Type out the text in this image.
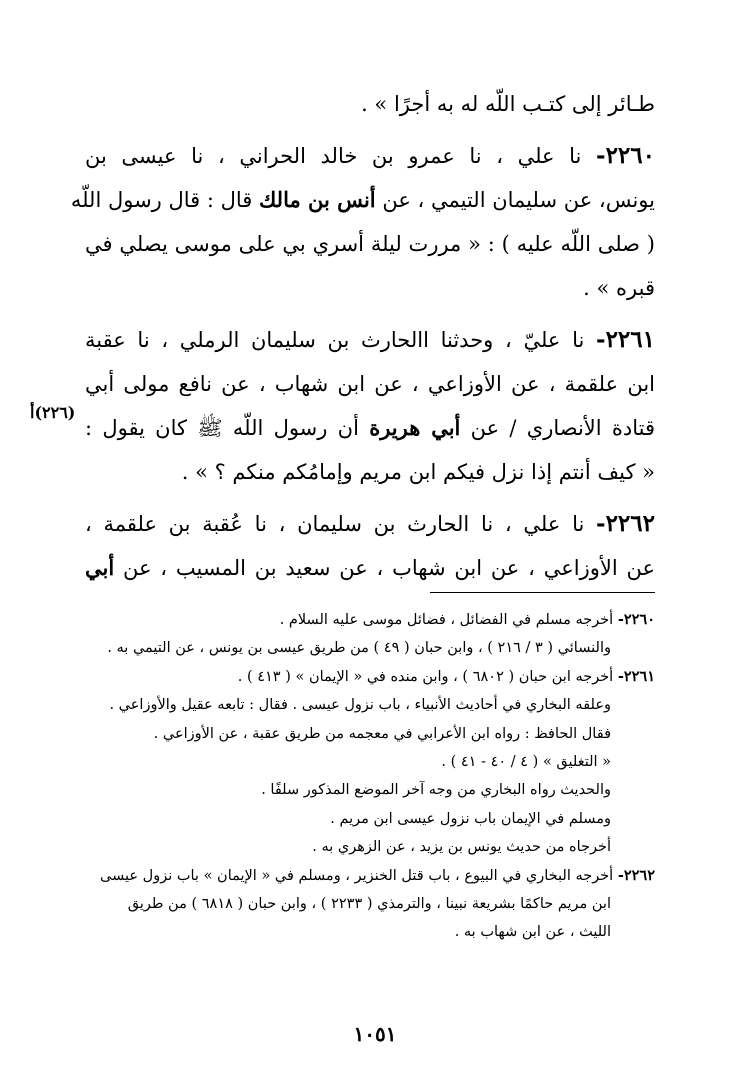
طـائر إلى كتـب اللّه له به أجرًا » .
٢٢٦٠- نا علي ، نا عمرو بن خالد الحراني ، نا عيسى بن
يونس، عن سليمان التيمي ، عن أنس بن مالك قال : قال رسول اللّه
( صلى اللّه عليه ) : « مررت ليلة أسري بي على موسى يصلي في
قبره » .
٢٢٦١- نا عليّ ، وحدثنا االحارث بن سليمان الرملي ، نا عقبة
ابن علقمة ، عن الأوزاعي ، عن ابن شهاب ، عن نافع مولى أبي
قتادة الأنصاري / عن أبي هريرة أن رسول اللّه ﷺ كان يقول :
« كيف أنتم إذا نزل فيكم ابن مريم وإمامُكم منكم ؟ » .
٢٢٦٢- نا علي ، نا الحارث بن سليمان ، نا عُقبة بن علقمة ،
عن الأوزاعي ، عن ابن شهاب ، عن سعيد بن المسيب ، عن أبي
(٢٢٦)أ
٢٢٦٠- أخرجه مسلم في الفضائل ، فضائل موسى عليه السلام .
والنسائي ( ٣ / ٢١٦ ) ، وابن حبان ( ٤٩ ) من طريق عيسى بن يونس ، عن التيمي به .
٢٢٦١- أخرجه ابن حبان ( ٦٨٠٢ ) ، وابن منده في « الإيمان » ( ٤١٣ ) .
وعلقه البخاري في أحاديث الأنبياء ، باب نزول عيسى . فقال : تابعه عقيل والأوزاعي .
فقال الحافظ : رواه ابن الأعرابي في معجمه من طريق عقبة ، عن الأوزاعي .
« التغليق » ( ٤ / ٤٠ - ٤١ ) .
والحديث رواه البخاري من وجه آخر الموضع المذكور سلفًا .
ومسلم في الإيمان باب نزول عيسى ابن مريم .
أخرجاه من حديث يونس بن يزيد ، عن الزهري به .
٢٢٦٢- أخرجه البخاري في البيوع ، باب قتل الخنزير ، ومسلم في « الإيمان » باب نزول عيسى
ابن مريم حاكمًا بشريعة نبينا ، والترمذي ( ٢٢٣٣ ) ، وابن حبان ( ٦٨١٨ ) من طريق
الليث ، عن ابن شهاب به .
١٠٥١
